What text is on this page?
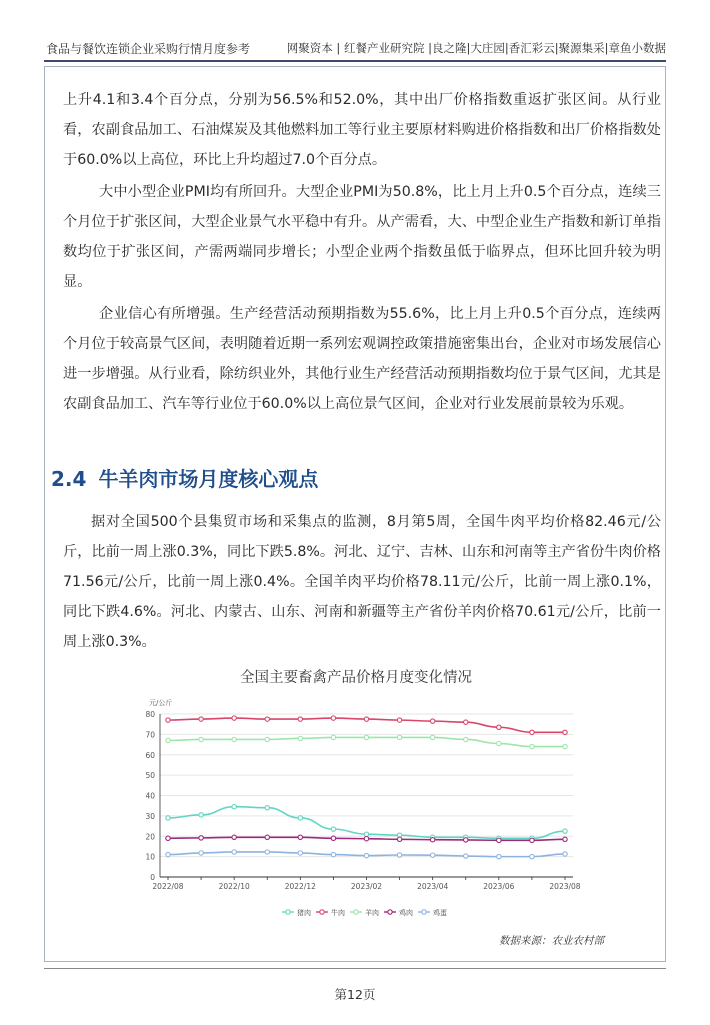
食品与餐饮连锁企业采购行情月度参考	网聚资本 | 红餐产业研究院 |良之隆|大庄园|香汇彩云|聚源集采|章鱼小数据

上升4.1和3.4个百分点，分别为56.5%和52.0%，其中出厂价格指数重返扩张区间。从行业看，农副食品加工、石油煤炭及其他燃料加工等行业主要原材料购进价格指数和出厂价格指数处于60.0%以上高位，环比上升均超过7.0个百分点。

大中小型企业PMI均有所回升。大型企业PMI为50.8%，比上月上升0.5个百分点，连续三个月位于扩张区间，大型企业景气水平稳中有升。从产需看，大、中型企业生产指数和新订单指数均位于扩张区间，产需两端同步增长；小型企业两个指数虽低于临界点，但环比回升较为明显。

企业信心有所增强。生产经营活动预期指数为55.6%，比上月上升0.5个百分点，连续两个月位于较高景气区间，表明随着近期一系列宏观调控政策措施密集出台，企业对市场发展信心进一步增强。从行业看，除纺织业外，其他行业生产经营活动预期指数均位于景气区间，尤其是农副食品加工、汽车等行业位于60.0%以上高位景气区间，企业对行业发展前景较为乐观。

2.4 牛羊肉市场月度核心观点

据对全国500个县集贸市场和采集点的监测，8月第5周，全国牛肉平均价格82.46元/公斤，比前一周上涨0.3%，同比下跌5.8%。河北、辽宁、吉林、山东和河南等主产省份牛肉价格71.56元/公斤，比前一周上涨0.4%。全国羊肉平均价格78.11元/公斤，比前一周上涨0.1%，同比下跌4.6%。河北、内蒙古、山东、河南和新疆等主产省份羊肉价格70.61元/公斤，比前一周上涨0.3%。

全国主要畜禽产品价格月度变化情况
元/公斤
0
10
20
30
40
50
60
70
80
2022/08	2022/10	2022/12	2023/02	2023/04	2023/06	2023/08
猪肉	牛肉	羊肉	鸡肉	鸡蛋
数据来源：农业农村部
第12页
